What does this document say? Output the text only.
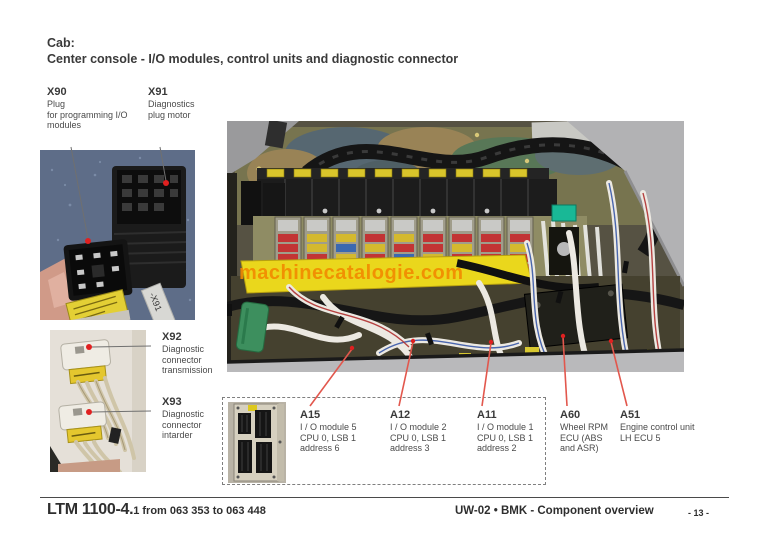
Cab:
Center console - I/O modules, control units and diagnostic connector
X90
Plug
for programming I/O
modules
X91
Diagnostics
plug motor
X92
Diagnostic
connector
transmission
X93
Diagnostic
connector
intarder
-X91
machinecatalogie.com
A15
I / O module 5
CPU 0, LSB 1
address 6
A12
I / O module 2
CPU 0, LSB 1
address 3
A11
I / O module 1
CPU 0, LSB 1
address 2
A60
Wheel RPM
ECU (ABS
and ASR)
A51
Engine control unit
LH ECU 5
LTM 1100-4.1 from 063 353 to 063 448	UW-02 • BMK - Component overview	- 13 -
